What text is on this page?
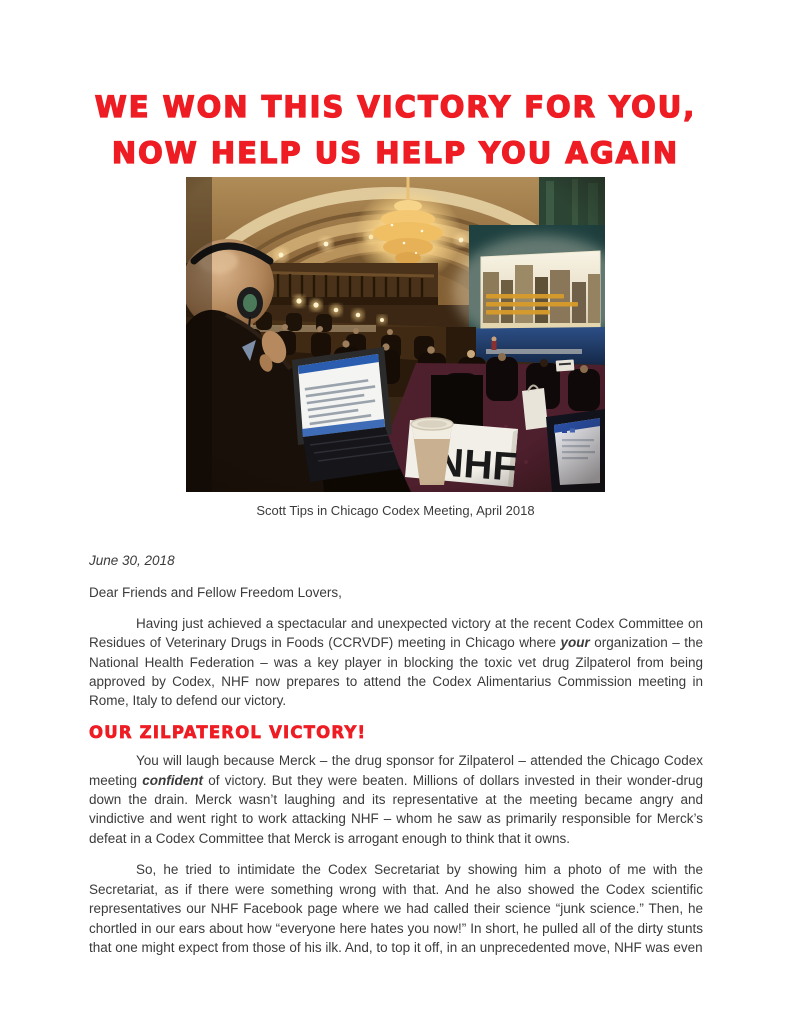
WE WON THIS VICTORY FOR YOU,
NOW HELP US HELP YOU AGAIN
Scott Tips in Chicago Codex Meeting, April 2018

June 30, 2018

Dear Friends and Fellow Freedom Lovers,

Having just achieved a spectacular and unexpected victory at the recent Codex Committee on Residues of Veterinary Drugs in Foods (CCRVDF) meeting in Chicago where your organization – the National Health Federation – was a key player in blocking the toxic vet drug Zilpaterol from being approved by Codex, NHF now prepares to attend the Codex Alimentarius Commission meeting in Rome, Italy to defend our victory.

OUR ZILPATEROL VICTORY!

You will laugh because Merck – the drug sponsor for Zilpaterol – attended the Chicago Codex meeting confident of victory. But they were beaten. Millions of dollars invested in their wonder-drug down the drain. Merck wasn’t laughing and its representative at the meeting became angry and vindictive and went right to work attacking NHF – whom he saw as primarily responsible for Merck’s defeat in a Codex Committee that Merck is arrogant enough to think that it owns.

So, he tried to intimidate the Codex Secretariat by showing him a photo of me with the Secretariat, as if there were something wrong with that. And he also showed the Codex scientific representatives our NHF Facebook page where we had called their science “junk science.” Then, he chortled in our ears about how “everyone here hates you now!” In short, he pulled all of the dirty stunts that one might expect from those of his ilk. And, to top it off, in an unprecedented move, NHF was even
